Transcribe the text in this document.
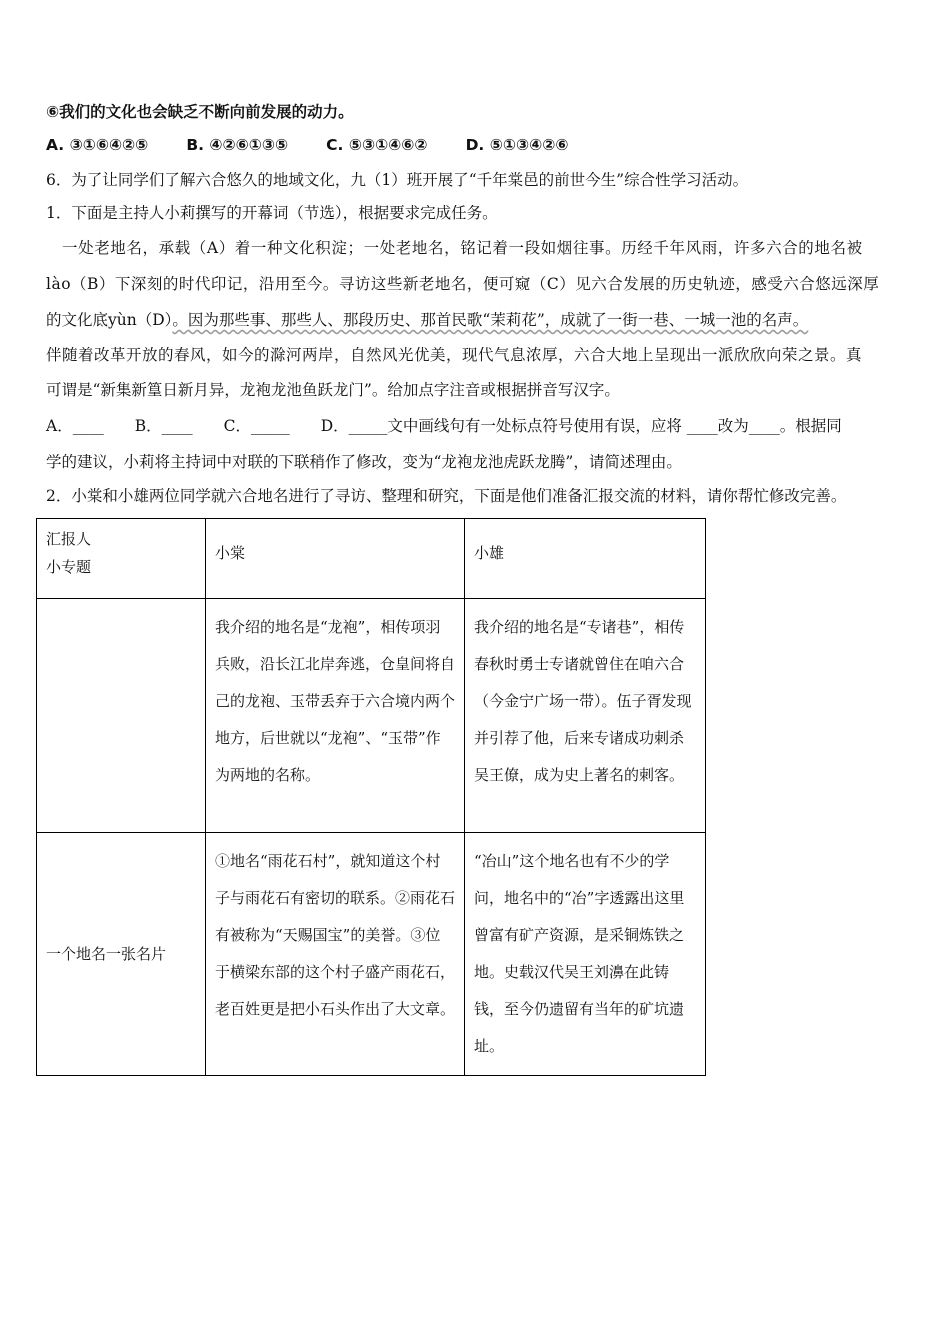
⑥我们的文化也会缺乏不断向前发展的动力。
A. ③①⑥④②⑤ B. ④②⑥①③⑤ C. ⑤③①④⑥② D. ⑤①③④②⑥
6．为了让同学们了解六合悠久的地域文化，九（1）班开展了“千年棠邑的前世今生”综合性学习活动。
1．下面是主持人小莉撰写的开幕词（节选），根据要求完成任务。
一处老地名，承载（A）着一种文化积淀；一处老地名，铭记着一段如烟往事。历经千年风雨，许多六合的地名被
lào（B）下深刻的时代印记，沿用至今。寻访这些新老地名，便可窥（C）见六合发展的历史轨迹，感受六合悠远深厚
的文化底yùn（D）。因为那些事、那些人、那段历史、那首民歌“茉莉花”，成就了一街一巷、一城一池的名声。
伴随着改革开放的春风，如今的滁河两岸，自然风光优美，现代气息浓厚，六合大地上呈现出一派欣欣向荣之景。真
可谓是“新集新篁日新月异，龙袍龙池鱼跃龙门”。给加点字注音或根据拼音写汉字。
A．____　　B．____　　C．_____　　D．_____文中画线句有一处标点符号使用有误，应将 ____改为____。根据同
学的建议，小莉将主持词中对联的下联稍作了修改，变为“龙袍龙池虎跃龙腾”，请简述理由。
2．小棠和小雄两位同学就六合地名进行了寻访、整理和研究，下面是他们准备汇报交流的材料，请你帮忙修改完善。
汇报人
小专题	小棠	小雄
	我介绍的地名是“龙袍”，相传项羽兵败，沿长江北岸奔逃，仓皇间将自己的龙袍、玉带丢弃于六合境内两个地方，后世就以“龙袍”、“玉带”作为两地的名称。	我介绍的地名是“专诸巷”，相传春秋时勇士专诸就曾住在咱六合（今金宁广场一带）。伍子胥发现并引荐了他，后来专诸成功刺杀吴王僚，成为史上著名的刺客。
一个地名一张名片	①地名“雨花石村”，就知道这个村子与雨花石有密切的联系。②雨花石有被称为“天赐国宝”的美誉。③位于横梁东部的这个村子盛产雨花石，老百姓更是把小石头作出了大文章。	“冶山”这个地名也有不少的学问，地名中的“冶”字透露出这里曾富有矿产资源，是采铜炼铁之地。史载汉代吴王刘濞在此铸钱，至今仍遗留有当年的矿坑遗址。
